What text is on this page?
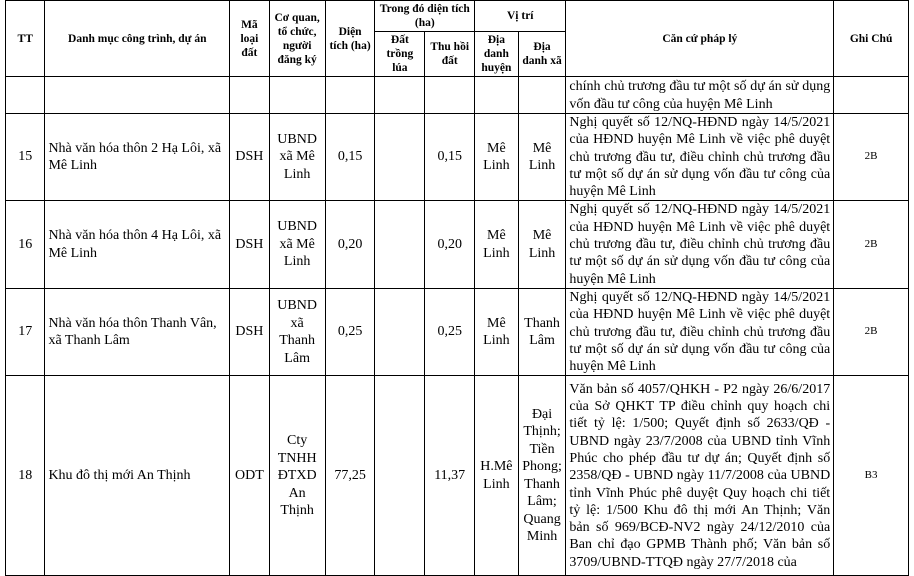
TT	Danh mục công trình, dự án	Mã loại đất	Cơ quan, tổ chức, người đăng ký	Diện tích (ha)	Trong đó diện tích (ha)		Vị trí		Căn cứ pháp lý	Ghi Chú
					Đất trồng lúa	Thu hồi đất	Địa danh huyện	Địa danh xã		
									chính chủ trương đầu tư một số dự án sử dụng vốn đầu tư công của huyện Mê Linh	
15	Nhà văn hóa thôn 2 Hạ Lôi, xã Mê Linh	DSH	UBND xã Mê Linh	0,15		0,15	Mê Linh	Mê Linh	Nghị quyết số 12/NQ-HĐND ngày 14/5/2021 của HĐND huyện Mê Linh về việc phê duyệt chủ trương đầu tư, điều chỉnh chủ trương đầu tư một số dự án sử dụng vốn đầu tư công của huyện Mê Linh	2B
16	Nhà văn hóa thôn 4 Hạ Lôi, xã Mê Linh	DSH	UBND xã Mê Linh	0,20		0,20	Mê Linh	Mê Linh	Nghị quyết số 12/NQ-HĐND ngày 14/5/2021 của HĐND huyện Mê Linh về việc phê duyệt chủ trương đầu tư, điều chỉnh chủ trương đầu tư một số dự án sử dụng vốn đầu tư công của huyện Mê Linh	2B
17	Nhà văn hóa thôn Thanh Vân, xã Thanh Lâm	DSH	UBND xã Thanh Lâm	0,25		0,25	Mê Linh	Thanh Lâm	Nghị quyết số 12/NQ-HĐND ngày 14/5/2021 của HĐND huyện Mê Linh về việc phê duyệt chủ trương đầu tư, điều chỉnh chủ trương đầu tư một số dự án sử dụng vốn đầu tư công của huyện Mê Linh	2B
18	Khu đô thị mới An Thịnh	ODT	Cty TNHH ĐTXD An Thịnh	77,25		11,37	H.Mê Linh	Đại Thịnh; Tiền Phong; Thanh Lâm; Quang Minh	Văn bản số 4057/QHKH - P2 ngày 26/6/2017 của Sở QHKT TP điều chỉnh quy hoạch chi tiết tỷ lệ: 1/500; Quyết định số 2633/QĐ - UBND ngày 23/7/2008 của UBND tỉnh Vĩnh Phúc cho phép đầu tư dự án; Quyết định số 2358/QĐ - UBND ngày 11/7/2008 của UBND tỉnh Vĩnh Phúc phê duyệt Quy hoạch chi tiết tỷ lệ: 1/500 Khu đô thị mới An Thịnh; Văn bản số 969/BCĐ-NV2 ngày 24/12/2010 của Ban chỉ đạo GPMB Thành phố; Văn bản số 3709/UBND-TTQĐ ngày 27/7/2018 của	B3
